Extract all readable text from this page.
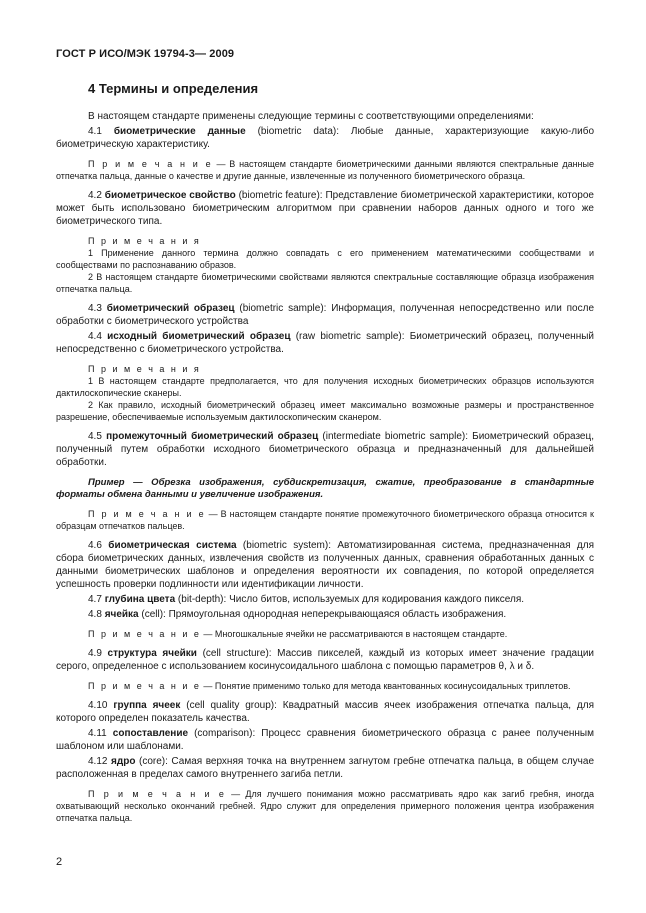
ГОСТ Р ИСО/МЭК 19794-3— 2009
4 Термины и определения

В настоящем стандарте применены следующие термины с соответствующими определениями:

4.1 биометрические данные (biometric data): Любые данные, характеризующие какую-либо биометрическую характеристику.

П р и м е ч а н и е — В настоящем стандарте биометрическими данными являются спектральные данные отпечатка пальца, данные о качестве и другие данные, извлеченные из полученного биометрического образца.

4.2 биометрическое свойство (biometric feature): Представление биометрической характеристики, которое может быть использовано биометрическим алгоритмом при сравнении наборов данных одного и того же биометрического типа.

П р и м е ч а н и я

1 Применение данного термина должно совпадать с его применением математическими сообществами и сообществами по распознаванию образов.

2 В настоящем стандарте биометрическими свойствами являются спектральные составляющие образца изображения отпечатка пальца.

4.3 биометрический образец (biometric sample): Информация, полученная непосредственно или после обработки с биометрического устройства

4.4 исходный биометрический образец (raw biometric sample): Биометрический образец, полученный непосредственно с биометрического устройства.

П р и м е ч а н и я

1 В настоящем стандарте предполагается, что для получения исходных биометрических образцов используются дактилоскопические сканеры.

2 Как правило, исходный биометрический образец имеет максимально возможные размеры и пространственное разрешение, обеспечиваемые используемым дактилоскопическим сканером.

4.5 промежуточный биометрический образец (intermediate biometric sample): Биометрический образец, полученный путем обработки исходного биометрического образца и предназначенный для дальнейшей обработки.

Пример — Обрезка изображения, субдискретизация, сжатие, преобразование в стандартные форматы обмена данными и увеличение изображения.

П р и м е ч а н и е — В настоящем стандарте понятие промежуточного биометрического образца относится к образцам отпечатков пальцев.

4.6 биометрическая система (biometric system): Автоматизированная система, предназначенная для сбора биометрических данных, извлечения свойств из полученных данных, сравнения обработанных данных с данными биометрических шаблонов и определения вероятности их совпадения, по которой определяется успешность проверки подлинности или идентификации личности.

4.7 глубина цвета (bit-depth): Число битов, используемых для кодирования каждого пикселя.

4.8 ячейка (cell): Прямоугольная однородная неперекрывающаяся область изображения.

П р и м е ч а н и е — Многошкальные ячейки не рассматриваются в настоящем стандарте.

4.9 структура ячейки (cell structure): Массив пикселей, каждый из которых имеет значение градации серого, определенное с использованием косинусоидального шаблона с помощью параметров θ, λ и δ.

П р и м е ч а н и е — Понятие применимо только для метода квантованных косинусоидальных триплетов.

4.10 группа ячеек (cell quality group): Квадратный массив ячеек изображения отпечатка пальца, для которого определен показатель качества.

4.11 сопоставление (comparison): Процесс сравнения биометрического образца с ранее полученным шаблоном или шаблонами.

4.12 ядро (core): Самая верхняя точка на внутреннем загнутом гребне отпечатка пальца, в общем случае расположенная в пределах самого внутреннего загиба петли.

П р и м е ч а н и е — Для лучшего понимания можно рассматривать ядро как загиб гребня, иногда охватывающий несколько окончаний гребней. Ядро служит для определения примерного положения центра изображения отпечатка пальца.

2
